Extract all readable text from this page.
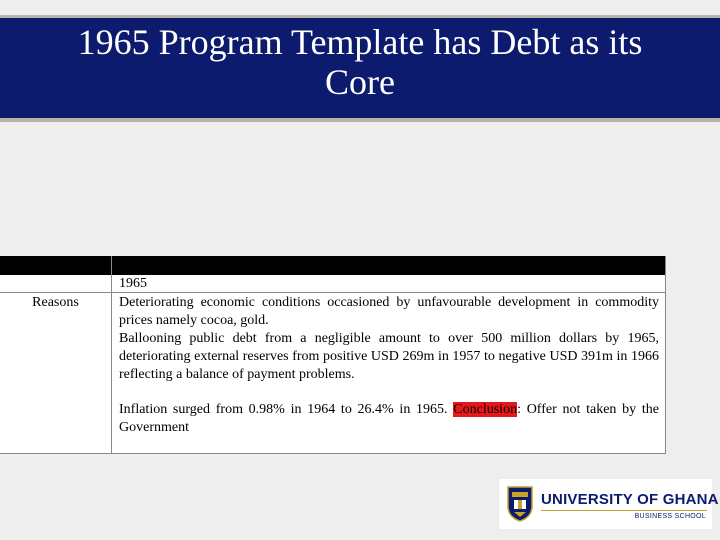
1965 Program Template has Debt as its
Core
1965
Reasons	Deteriorating economic conditions occasioned by unfavourable development in commodity prices namely cocoa, gold.

Ballooning public debt from a negligible amount to over 500 million dollars by 1965, deteriorating external reserves from positive USD 269m in 1957 to negative USD 391m in 1966 reflecting a balance of payment problems.

Inflation surged from 0.98% in 1964 to 26.4% in 1965. Conclusion: Offer not taken by the Government

UNIVERSITY OF GHANA
BUSINESS SCHOOL
